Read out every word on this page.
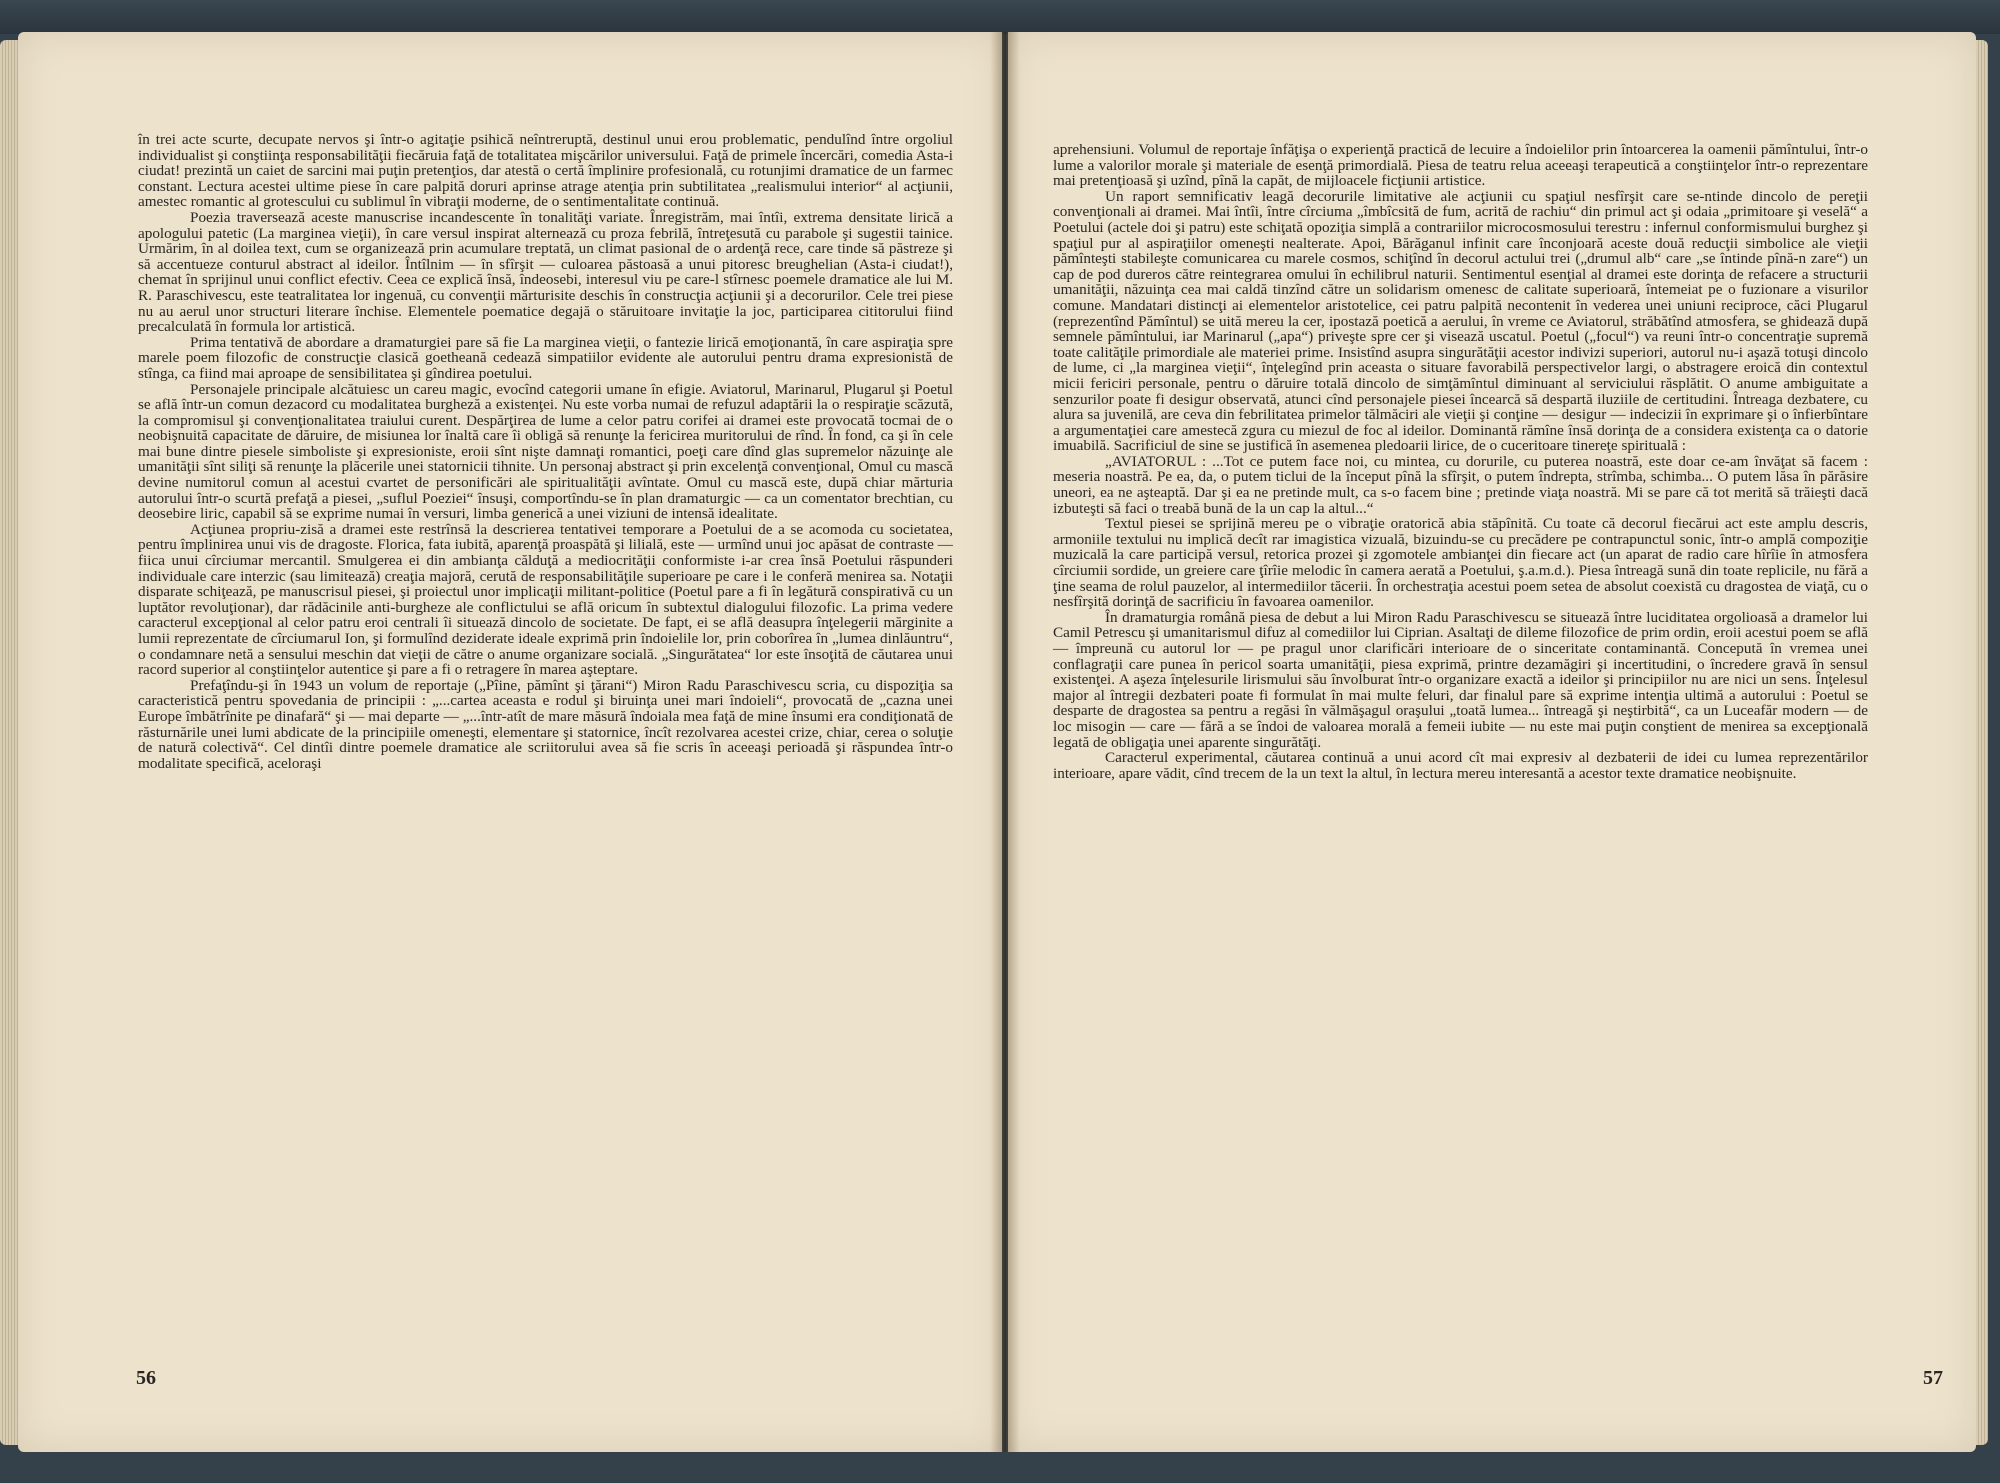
în trei acte scurte, decupate nervos şi într-o agitaţie psihică neîntreruptă, destinul unui erou problematic, pendulînd între orgoliul individualist şi conştiinţa responsabilităţii fiecăruia faţă de totalitatea mişcărilor universului. Faţă de primele încercări, comedia Asta-i ciudat! prezintă un caiet de sarcini mai puţin pretenţios, dar atestă o certă împlinire profesională, cu rotunjimi dramatice de un farmec constant. Lectura acestei ultime piese în care palpită doruri aprinse atrage atenţia prin subtilitatea „realismului interior“ al acţiunii, amestec romantic al grotescului cu sublimul în vibraţii moderne, de o sentimentalitate continuă.

Poezia traversează aceste manuscrise incandescente în tonalităţi variate. Înregistrăm, mai întîi, extrema densitate lirică a apologului patetic (La marginea vieţii), în care versul inspirat alternează cu proza febrilă, întreţesută cu parabole şi sugestii tainice. Urmărim, în al doilea text, cum se organizează prin acumulare treptată, un climat pasional de o ardenţă rece, care tinde să păstreze şi să accentueze conturul abstract al ideilor. Întîlnim — în sfîrşit — culoarea păstoasă a unui pitoresc breughelian (Asta-i ciudat!), chemat în sprijinul unui conflict efectiv. Ceea ce explică însă, îndeosebi, interesul viu pe care-l stîrnesc poemele dramatice ale lui M. R. Paraschivescu, este teatralitatea lor ingenuă, cu convenţii mărturisite deschis în construcţia acţiunii şi a decorurilor. Cele trei piese nu au aerul unor structuri literare închise. Elementele poematice degajă o stăruitoare invitaţie la joc, participarea cititorului fiind precalculată în formula lor artistică.

Prima tentativă de abordare a dramaturgiei pare să fie La marginea vieţii, o fantezie lirică emoţionantă, în care aspiraţia spre marele poem filozofic de construcţie clasică goetheană cedează simpatiilor evidente ale autorului pentru drama expresionistă de stînga, ca fiind mai aproape de sensibilitatea şi gîndirea poetului.

Personajele principale alcătuiesc un careu magic, evocînd categorii umane în efigie. Aviatorul, Marinarul, Plugarul şi Poetul se află într-un comun dezacord cu modalitatea burgheză a existenţei. Nu este vorba numai de refuzul adaptării la o respiraţie scăzută, la compromisul şi convenţionalitatea traiului curent. Despărţirea de lume a celor patru corifei ai dramei este provocată tocmai de o neobişnuită capacitate de dăruire, de misiunea lor înaltă care îi obligă să renunţe la fericirea muritorului de rînd. În fond, ca şi în cele mai bune dintre piesele simboliste şi expresioniste, eroii sînt nişte damnaţi romantici, poeţi care dînd glas supremelor năzuinţe ale umanităţii sînt siliţi să renunţe la plăcerile unei statornicii tihnite. Un personaj abstract şi prin excelenţă convenţional, Omul cu mască devine numitorul comun al acestui cvartet de personificări ale spiritualităţii avîntate. Omul cu mască este, după chiar mărturia autorului într-o scurtă prefaţă a piesei, „suflul Poeziei“ însuşi, comportîndu-se în plan dramaturgic — ca un comentator brechtian, cu deosebire liric, capabil să se exprime numai în versuri, limba generică a unei viziuni de intensă idealitate.

Acţiunea propriu-zisă a dramei este restrînsă la descrierea tentativei temporare a Poetului de a se acomoda cu societatea, pentru împlinirea unui vis de dragoste. Florica, fata iubită, aparenţă proaspătă şi lilială, este — urmînd unui joc apăsat de contraste — fiica unui cîrciumar mercantil. Smulgerea ei din ambianţa călduţă a mediocrităţii conformiste i-ar crea însă Poetului răspunderi individuale care interzic (sau limitează) creaţia majoră, cerută de responsabilităţile superioare pe care i le conferă menirea sa. Notaţii disparate schiţează, pe manuscrisul piesei, şi proiectul unor implicaţii militant-politice (Poetul pare a fi în legătură conspirativă cu un luptător revoluţionar), dar rădăcinile anti-burgheze ale conflictului se află oricum în subtextul dialogului filozofic. La prima vedere caracterul excepţional al celor patru eroi centrali îi situează dincolo de societate. De fapt, ei se află deasupra înţelegerii mărginite a lumii reprezentate de cîrciumarul Ion, şi formulînd deziderate ideale exprimă prin îndoielile lor, prin coborîrea în „lumea dinlăuntru“, o condamnare netă a sensului meschin dat vieţii de către o anume organizare socială. „Singurătatea“ lor este însoţită de căutarea unui racord superior al conştiinţelor autentice şi pare a fi o retragere în marea aşteptare.

Prefaţîndu-şi în 1943 un volum de reportaje („Pîine, pămînt şi ţărani“) Miron Radu Paraschivescu scria, cu dispoziţia sa caracteristică pentru spovedania de principii : „...cartea aceasta e rodul şi biruinţa unei mari îndoieli“, provocată de „cazna unei Europe îmbătrînite pe dinafară“ şi — mai departe — „...într-atît de mare măsură îndoiala mea faţă de mine însumi era condiţionată de răsturnările unei lumi abdicate de la principiile omeneşti, elementare şi statornice, încît rezolvarea acestei crize, chiar, cerea o soluţie de natură colectivă“. Cel dintîi dintre poemele dramatice ale scriitorului avea să fie scris în aceeaşi perioadă şi răspundea într-o modalitate specifică, aceloraşi

56

aprehensiuni. Volumul de reportaje înfăţişa o experienţă practică de lecuire a îndoielilor prin întoarcerea la oamenii pămîntului, într-o lume a valorilor morale şi materiale de esenţă primordială. Piesa de teatru relua aceeaşi terapeutică a conştiinţelor într-o reprezentare mai pretenţioasă şi uzînd, pînă la capăt, de mijloacele ficţiunii artistice.

Un raport semnificativ leagă decorurile limitative ale acţiunii cu spaţiul nesfîrşit care se-ntinde dincolo de pereţii convenţionali ai dramei. Mai întîi, între cîrciuma „îmbîcsită de fum, acrită de rachiu“ din primul act şi odaia „primitoare şi veselă“ a Poetului (actele doi şi patru) este schiţată opoziţia simplă a contrariilor microcosmosului terestru : infernul conformismului burghez şi spaţiul pur al aspiraţiilor omeneşti nealterate. Apoi, Bărăganul infinit care înconjoară aceste două reducţii simbolice ale vieţii pămînteşti stabileşte comunicarea cu marele cosmos, schiţînd în decorul actului trei („drumul alb“ care „se întinde pînă-n zare“) un cap de pod dureros către reintegrarea omului în echilibrul naturii. Sentimentul esenţial al dramei este dorinţa de refacere a structurii umanităţii, năzuinţa cea mai caldă tinzînd către un solidarism omenesc de calitate superioară, întemeiat pe o fuzionare a visurilor comune. Mandatari distincţi ai elementelor aristotelice, cei patru palpită necontenit în vederea unei uniuni reciproce, căci Plugarul (reprezentînd Pămîntul) se uită mereu la cer, ipostază poetică a aerului, în vreme ce Aviatorul, străbătînd atmosfera, se ghidează după semnele pămîntului, iar Marinarul („apa“) priveşte spre cer şi visează uscatul. Poetul („focul“) va reuni într-o concentraţie supremă toate calităţile primordiale ale materiei prime. Insistînd asupra singurătăţii acestor indivizi superiori, autorul nu-i aşază totuşi dincolo de lume, ci „la marginea vieţii“, înţelegînd prin aceasta o situare favorabilă perspectivelor largi, o abstragere eroică din contextul micii fericiri personale, pentru o dăruire totală dincolo de simţămîntul diminuant al serviciului răsplătit. O anume ambiguitate a senzurilor poate fi desigur observată, atunci cînd personajele piesei încearcă să despartă iluziile de certitudini. Întreaga dezbatere, cu alura sa juvenilă, are ceva din febrilitatea primelor tălmăciri ale vieţii şi conţine — desigur — indecizii în exprimare şi o înfierbîntare a argumentaţiei care amestecă zgura cu miezul de foc al ideilor. Dominantă rămîne însă dorinţa de a considera existenţa ca o datorie imuabilă. Sacrificiul de sine se justifică în asemenea pledoarii lirice, de o cuceritoare tinereţe spirituală :

„AVIATORUL : ...Tot ce putem face noi, cu mintea, cu dorurile, cu puterea noastră, este doar ce-am învăţat să facem : meseria noastră. Pe ea, da, o putem ticlui de la început pînă la sfîrşit, o putem îndrepta, strîmba, schimba... O putem lăsa în părăsire uneori, ea ne aşteaptă. Dar şi ea ne pretinde mult, ca s-o facem bine ; pretinde viaţa noastră. Mi se pare că tot merită să trăieşti dacă izbuteşti să faci o treabă bună de la un cap la altul...“

Textul piesei se sprijină mereu pe o vibraţie oratorică abia stăpînită. Cu toate că decorul fiecărui act este amplu descris, armoniile textului nu implică decît rar imagistica vizuală, bizuindu-se cu precădere pe contrapunctul sonic, într-o amplă compoziţie muzicală la care participă versul, retorica prozei şi zgomotele ambianţei din fiecare act (un aparat de radio care hîrîie în atmosfera cîrciumii sordide, un greiere care ţîrîie melodic în camera aerată a Poetului, ş.a.m.d.). Piesa întreagă sună din toate replicile, nu fără a ţine seama de rolul pauzelor, al intermediilor tăcerii. În orchestraţia acestui poem setea de absolut coexistă cu dragostea de viaţă, cu o nesfîrşită dorinţă de sacrificiu în favoarea oamenilor.

În dramaturgia română piesa de debut a lui Miron Radu Paraschivescu se situează între luciditatea orgolioasă a dramelor lui Camil Petrescu şi umanitarismul difuz al comediilor lui Ciprian. Asaltaţi de dileme filozofice de prim ordin, eroii acestui poem se află — împreună cu autorul lor — pe pragul unor clarificări interioare de o sinceritate contaminantă. Concepută în vremea unei conflagraţii care punea în pericol soarta umanităţii, piesa exprimă, printre dezamăgiri şi incertitudini, o încredere gravă în sensul existenţei. A aşeza înţelesurile lirismului său învolburat într-o organizare exactă a ideilor şi principiilor nu are nici un sens. Înţelesul major al întregii dezbateri poate fi formulat în mai multe feluri, dar finalul pare să exprime intenţia ultimă a autorului : Poetul se desparte de dragostea sa pentru a regăsi în vălmăşagul oraşului „toată lumea... întreagă şi neştirbită“, ca un Luceafăr modern — de loc misogin — care — fără a se îndoi de valoarea morală a femeii iubite — nu este mai puţin conştient de menirea sa excepţională legată de obligaţia unei aparente singurătăţi.

Caracterul experimental, căutarea continuă a unui acord cît mai expresiv al dezbaterii de idei cu lumea reprezentărilor interioare, apare vădit, cînd trecem de la un text la altul, în lectura mereu interesantă a acestor texte dramatice neobişnuite.

57
